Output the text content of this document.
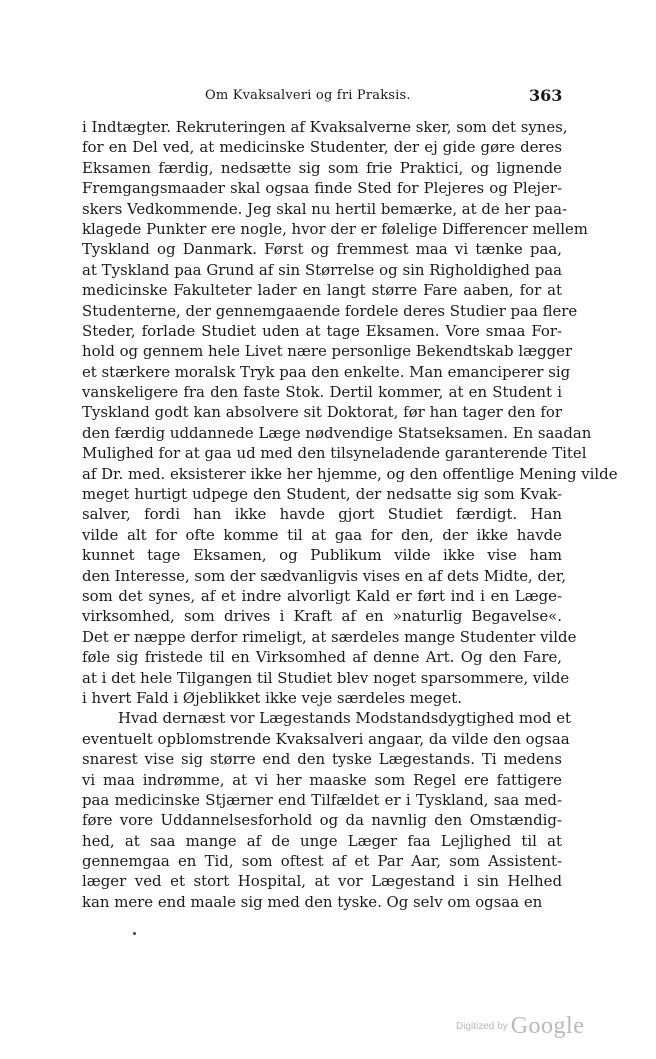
Om Kvaksalveri og fri Praksis.	363
i Indtægter. Rekruteringen af Kvaksalverne sker, som det synes,
for en Del ved, at medicinske Studenter, der ej gide gøre deres
Eksamen færdig, nedsætte sig som frie Praktici, og lignende
Fremgangsmaader skal ogsaa finde Sted for Plejeres og Plejer-
skers Vedkommende. Jeg skal nu hertil bemærke, at de her paa-
klagede Punkter ere nogle, hvor der er følelige Differencer mellem
Tyskland og Danmark. Først og fremmest maa vi tænke paa,
at Tyskland paa Grund af sin Størrelse og sin Righoldighed paa
medicinske Fakulteter lader en langt større Fare aaben, for at
Studenterne, der gennemgaaende fordele deres Studier paa flere
Steder, forlade Studiet uden at tage Eksamen. Vore smaa For-
hold og gennem hele Livet nære personlige Bekendtskab lægger
et stærkere moralsk Tryk paa den enkelte. Man emanciperer sig
vanskeligere fra den faste Stok. Dertil kommer, at en Student i
Tyskland godt kan absolvere sit Doktorat, før han tager den for
den færdig uddannede Læge nødvendige Statseksamen. En saadan
Mulighed for at gaa ud med den tilsyneladende garanterende Titel
af Dr. med. eksisterer ikke her hjemme, og den offentlige Mening vilde
meget hurtigt udpege den Student, der nedsatte sig som Kvak-
salver, fordi han ikke havde gjort Studiet færdigt. Han
vilde alt for ofte komme til at gaa for den, der ikke havde
kunnet tage Eksamen, og Publikum vilde ikke vise ham
den Interesse, som der sædvanligvis vises en af dets Midte, der,
som det synes, af et indre alvorligt Kald er ført ind i en Læge-
virksomhed, som drives i Kraft af en »naturlig Begavelse«.
Det er næppe derfor rimeligt, at særdeles mange Studenter vilde
føle sig fristede til en Virksomhed af denne Art. Og den Fare,
at i det hele Tilgangen til Studiet blev noget sparsommere, vilde
i hvert Fald i Øjeblikket ikke veje særdeles meget.
Hvad dernæst vor Lægestands Modstandsdygtighed mod et
eventuelt opblomstrende Kvaksalveri angaar, da vilde den ogsaa
snarest vise sig større end den tyske Lægestands. Ti medens
vi maa indrømme, at vi her maaske som Regel ere fattigere
paa medicinske Stjærner end Tilfældet er i Tyskland, saa med-
føre vore Uddannelsesforhold og da navnlig den Omstændig-
hed, at saa mange af de unge Læger faa Lejlighed til at
gennemgaa en Tid, som oftest af et Par Aar, som Assistent-
læger ved et stort Hospital, at vor Lægestand i sin Helhed
kan mere end maale sig med den tyske. Og selv om ogsaa en
Digitized by Google
